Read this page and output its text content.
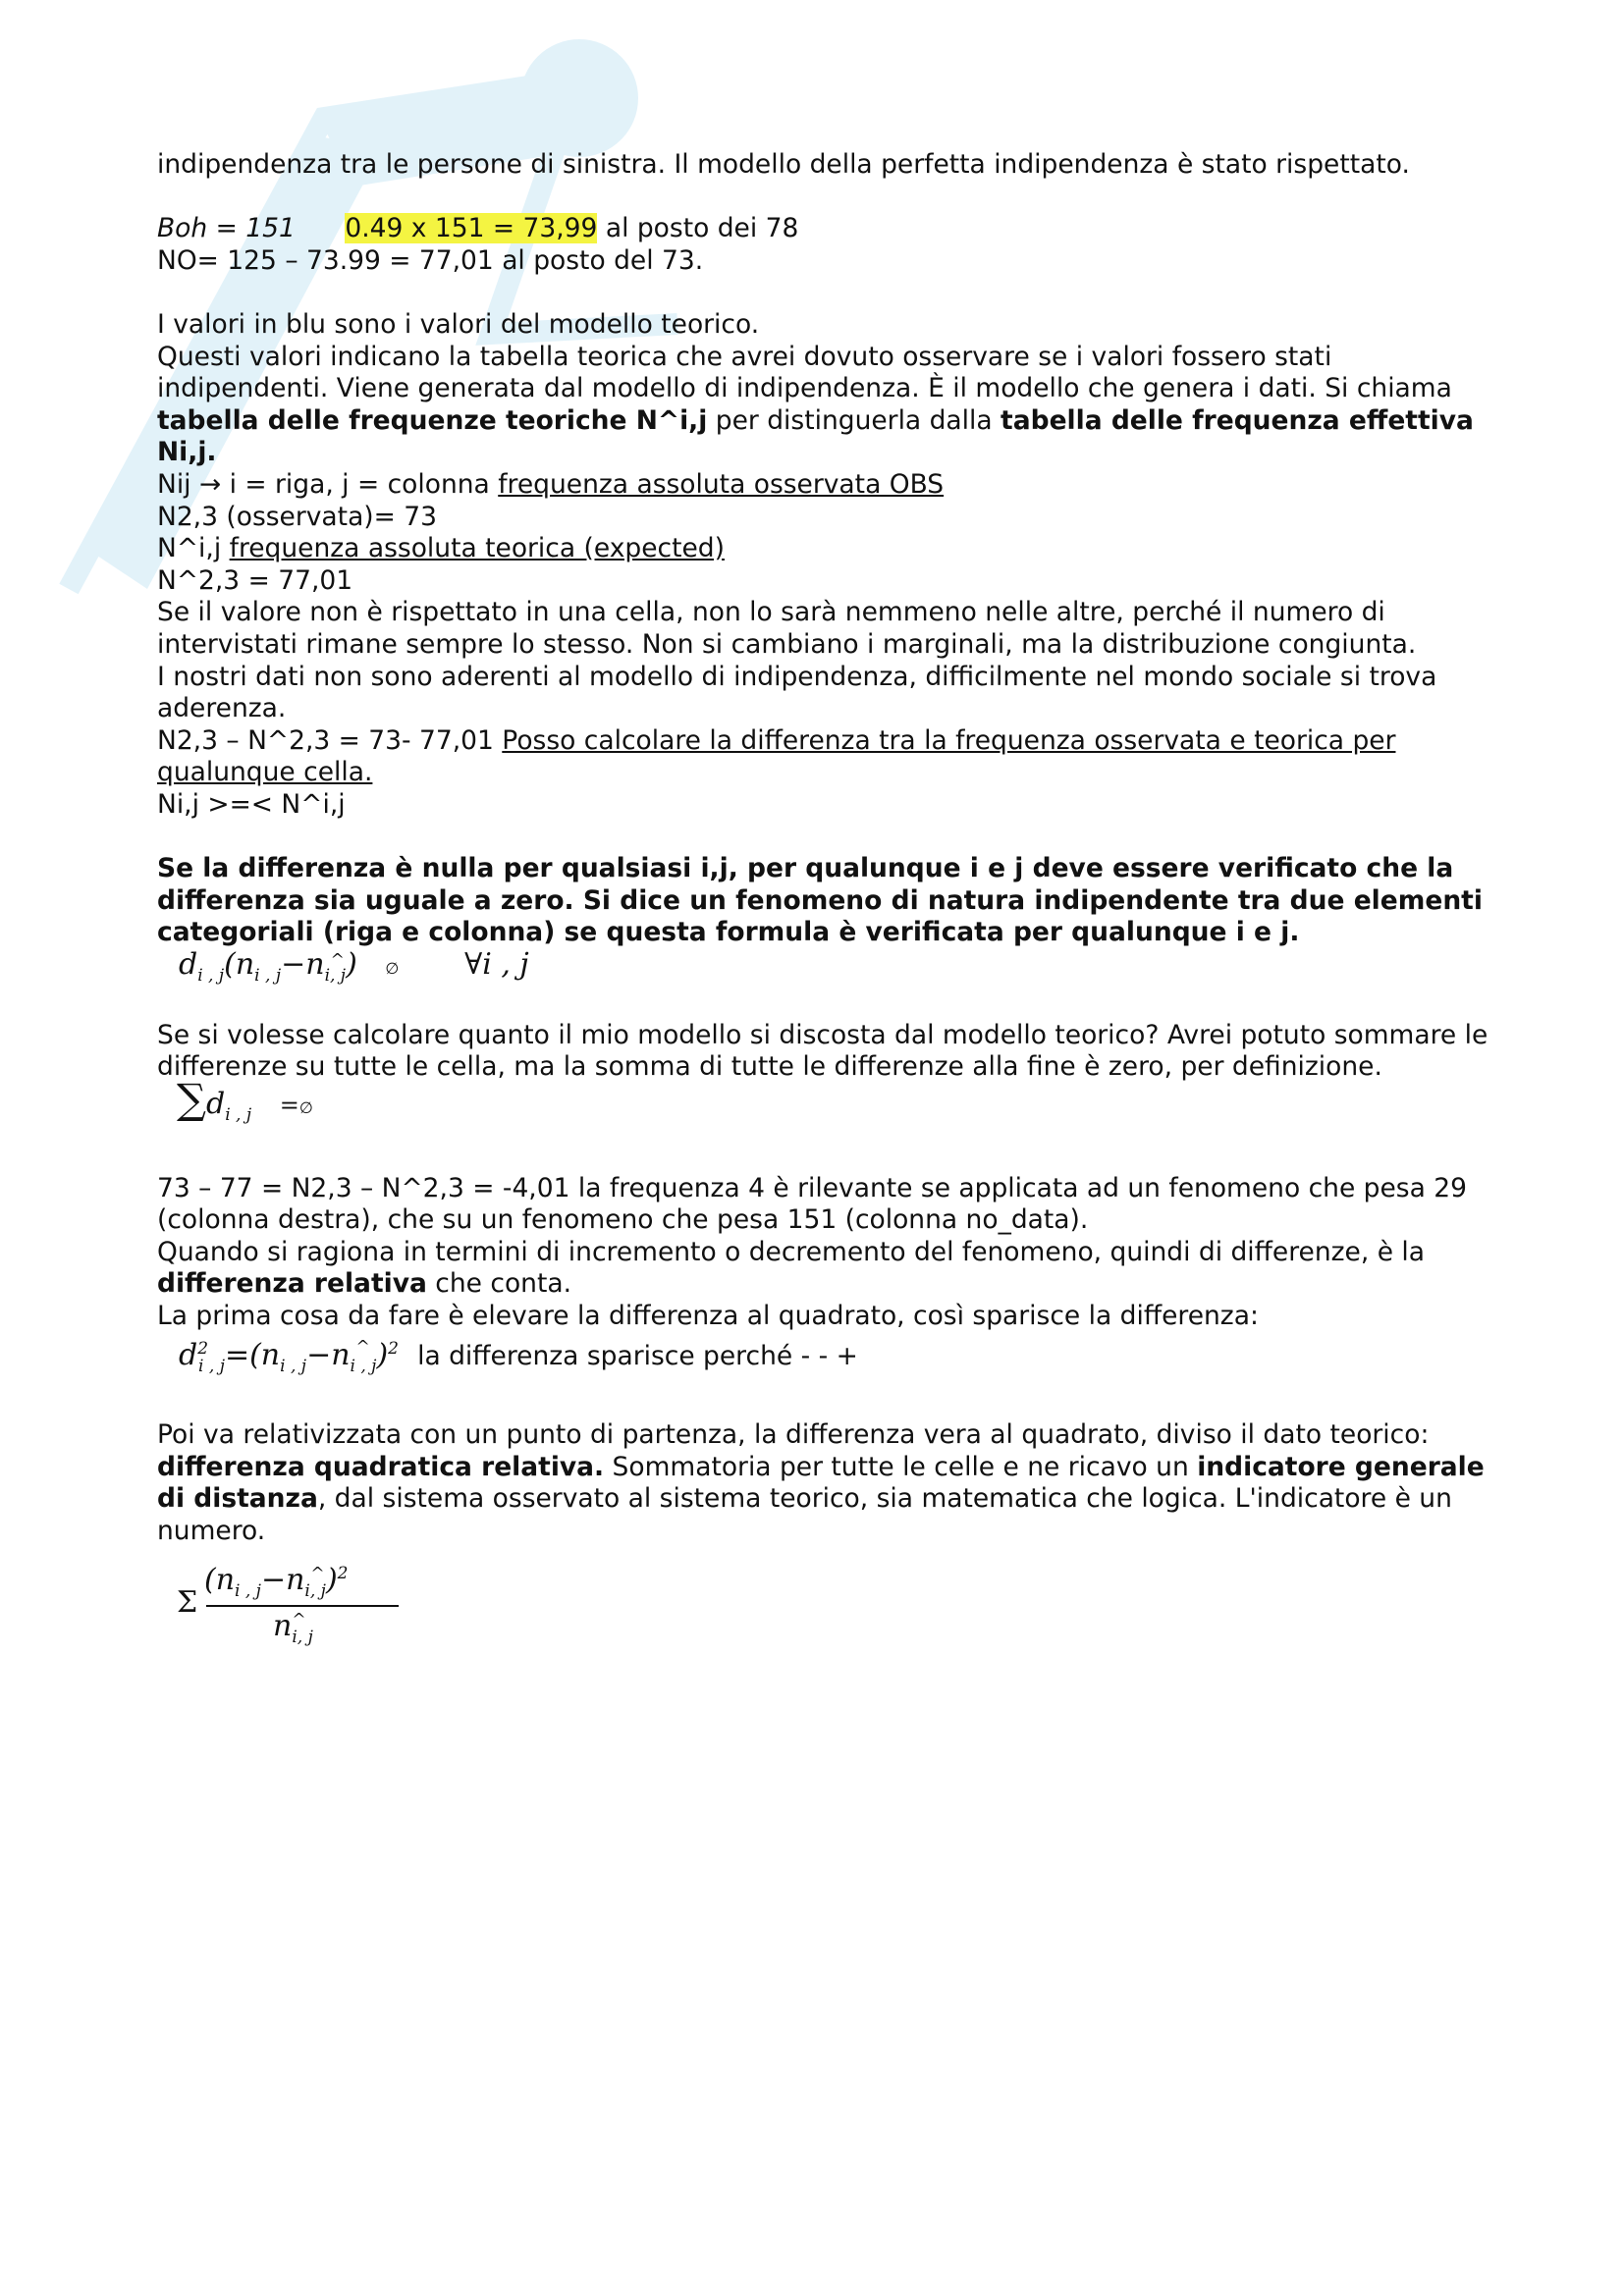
indipendenza tra le persone di sinistra. Il modello della perfetta indipendenza è stato rispettato.

Boh = 151 0.49 x 151 = 73,99 al posto dei 78

NO= 125 – 73.99 = 77,01 al posto del 73.

I valori in blu sono i valori del modello teorico.

Questi valori indicano la tabella teorica che avrei dovuto osservare se i valori fossero stati indipendenti. Viene generata dal modello di indipendenza. È il modello che genera i dati. Si chiama tabella delle frequenze teoriche N^i,j per distinguerla dalla tabella delle frequenza effettiva Ni,j.

Nij → i = riga, j = colonna frequenza assoluta osservata OBS

N2,3 (osservata)= 73

N^i,j frequenza assoluta teorica (expected)

N^2,3 = 77,01

Se il valore non è rispettato in una cella, non lo sarà nemmeno nelle altre, perché il numero di intervistati rimane sempre lo stesso. Non si cambiano i marginali, ma la distribuzione congiunta.

I nostri dati non sono aderenti al modello di indipendenza, difficilmente nel mondo sociale si trova aderenza.

N2,3 – N^2,3 = 73- 77,01 Posso calcolare la differenza tra la frequenza osservata e teorica per qualunque cella.

Ni,j >=< N^i,j

Se la differenza è nulla per qualsiasi i,j, per qualunque i e j deve essere verificato che la differenza sia uguale a zero. Si dice un fenomeno di natura indipendente tra due elementi categoriali (riga e colonna) se questa formula è verificata per qualunque i e j.

$d_{i , j}(n_{i , j}-n$ $_{\^{} i, j}$) ∅ ∀i , j

Se si volesse calcolare quanto il mio modello si discosta dal modello teorico? Avrei potuto sommare le differenze su tutte le cella, ma la somma di tutte le differenze alla fine è zero, per definizione.

$\sum d_{i , j}$ =∅

73 – 77 = N2,3 – N^2,3 = -4,01 la frequenza 4 è rilevante se applicata ad un fenomeno che pesa 29 (colonna destra), che su un fenomeno che pesa 151 (colonna no_data).

Quando si ragiona in termini di incremento o decremento del fenomeno, quindi di differenze, è la differenza relativa che conta.

La prima cosa da fare è elevare la differenza al quadrato, così sparisce la differenza:

$d^2_{i , j}=(n_{i , j}-n$ $_{\^{} i , j}$)$^2$ la differenza sparisce perché - - +

Poi va relativizzata con un punto di partenza, la differenza vera al quadrato, diviso il dato teorico: differenza quadratica relativa. Sommatoria per tutte le celle e ne ricavo un indicatore generale di distanza, dal sistema osservato al sistema teorico, sia matematica che logica. L'indicatore è un numero.

Σ
($n_{i , j}-n$ $_{\^{} i, j}$)$^2$
n $_{\^{} i, j}$
